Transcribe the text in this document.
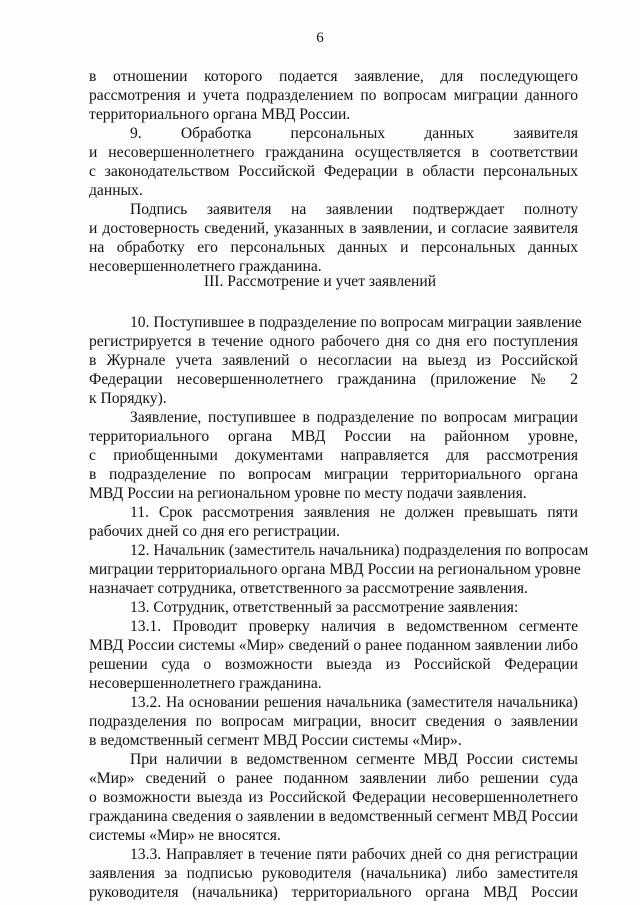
6

в отношении которого подается заявление, для последующего

рассмотрения и учета подразделением по вопросам миграции данного

территориального органа МВД России.

9. Обработка персональных данных заявителя

и несовершеннолетнего гражданина осуществляется в соответствии

с законодательством Российской Федерации в области персональных

данных.

Подпись заявителя на заявлении подтверждает полноту

и достоверность сведений, указанных в заявлении, и согласие заявителя

на обработку его персональных данных и персональных данных

несовершеннолетнего гражданина.

III. Рассмотрение и учет заявлений

10. Поступившее в подразделение по вопросам миграции заявление

регистрируется в течение одного рабочего дня со дня его поступления

в Журнале учета заявлений о несогласии на выезд из Российской

Федерации несовершеннолетнего гражданина (приложение № 2

к Порядку).

Заявление, поступившее в подразделение по вопросам миграции

территориального органа МВД России на районном уровне,

с приобщенными документами направляется для рассмотрения

в подразделение по вопросам миграции территориального органа

МВД России на региональном уровне по месту подачи заявления.

11. Срок рассмотрения заявления не должен превышать пяти

рабочих дней со дня его регистрации.

12. Начальник (заместитель начальника) подразделения по вопросам

миграции территориального органа МВД России на региональном уровне

назначает сотрудника, ответственного за рассмотрение заявления.

13. Сотрудник, ответственный за рассмотрение заявления:

13.1. Проводит проверку наличия в ведомственном сегменте

МВД России системы «Мир» сведений о ранее поданном заявлении либо

решении суда о возможности выезда из Российской Федерации

несовершеннолетнего гражданина.

13.2. На основании решения начальника (заместителя начальника)

подразделения по вопросам миграции, вносит сведения о заявлении

в ведомственный сегмент МВД России системы «Мир».

При наличии в ведомственном сегменте МВД России системы

«Мир» сведений о ранее поданном заявлении либо решении суда

о возможности выезда из Российской Федерации несовершеннолетнего

гражданина сведения о заявлении в ведомственный сегмент МВД России

системы «Мир» не вносятся.

13.3. Направляет в течение пяти рабочих дней со дня регистрации

заявления за подписью руководителя (начальника) либо заместителя

руководителя (начальника) территориального органа МВД России
